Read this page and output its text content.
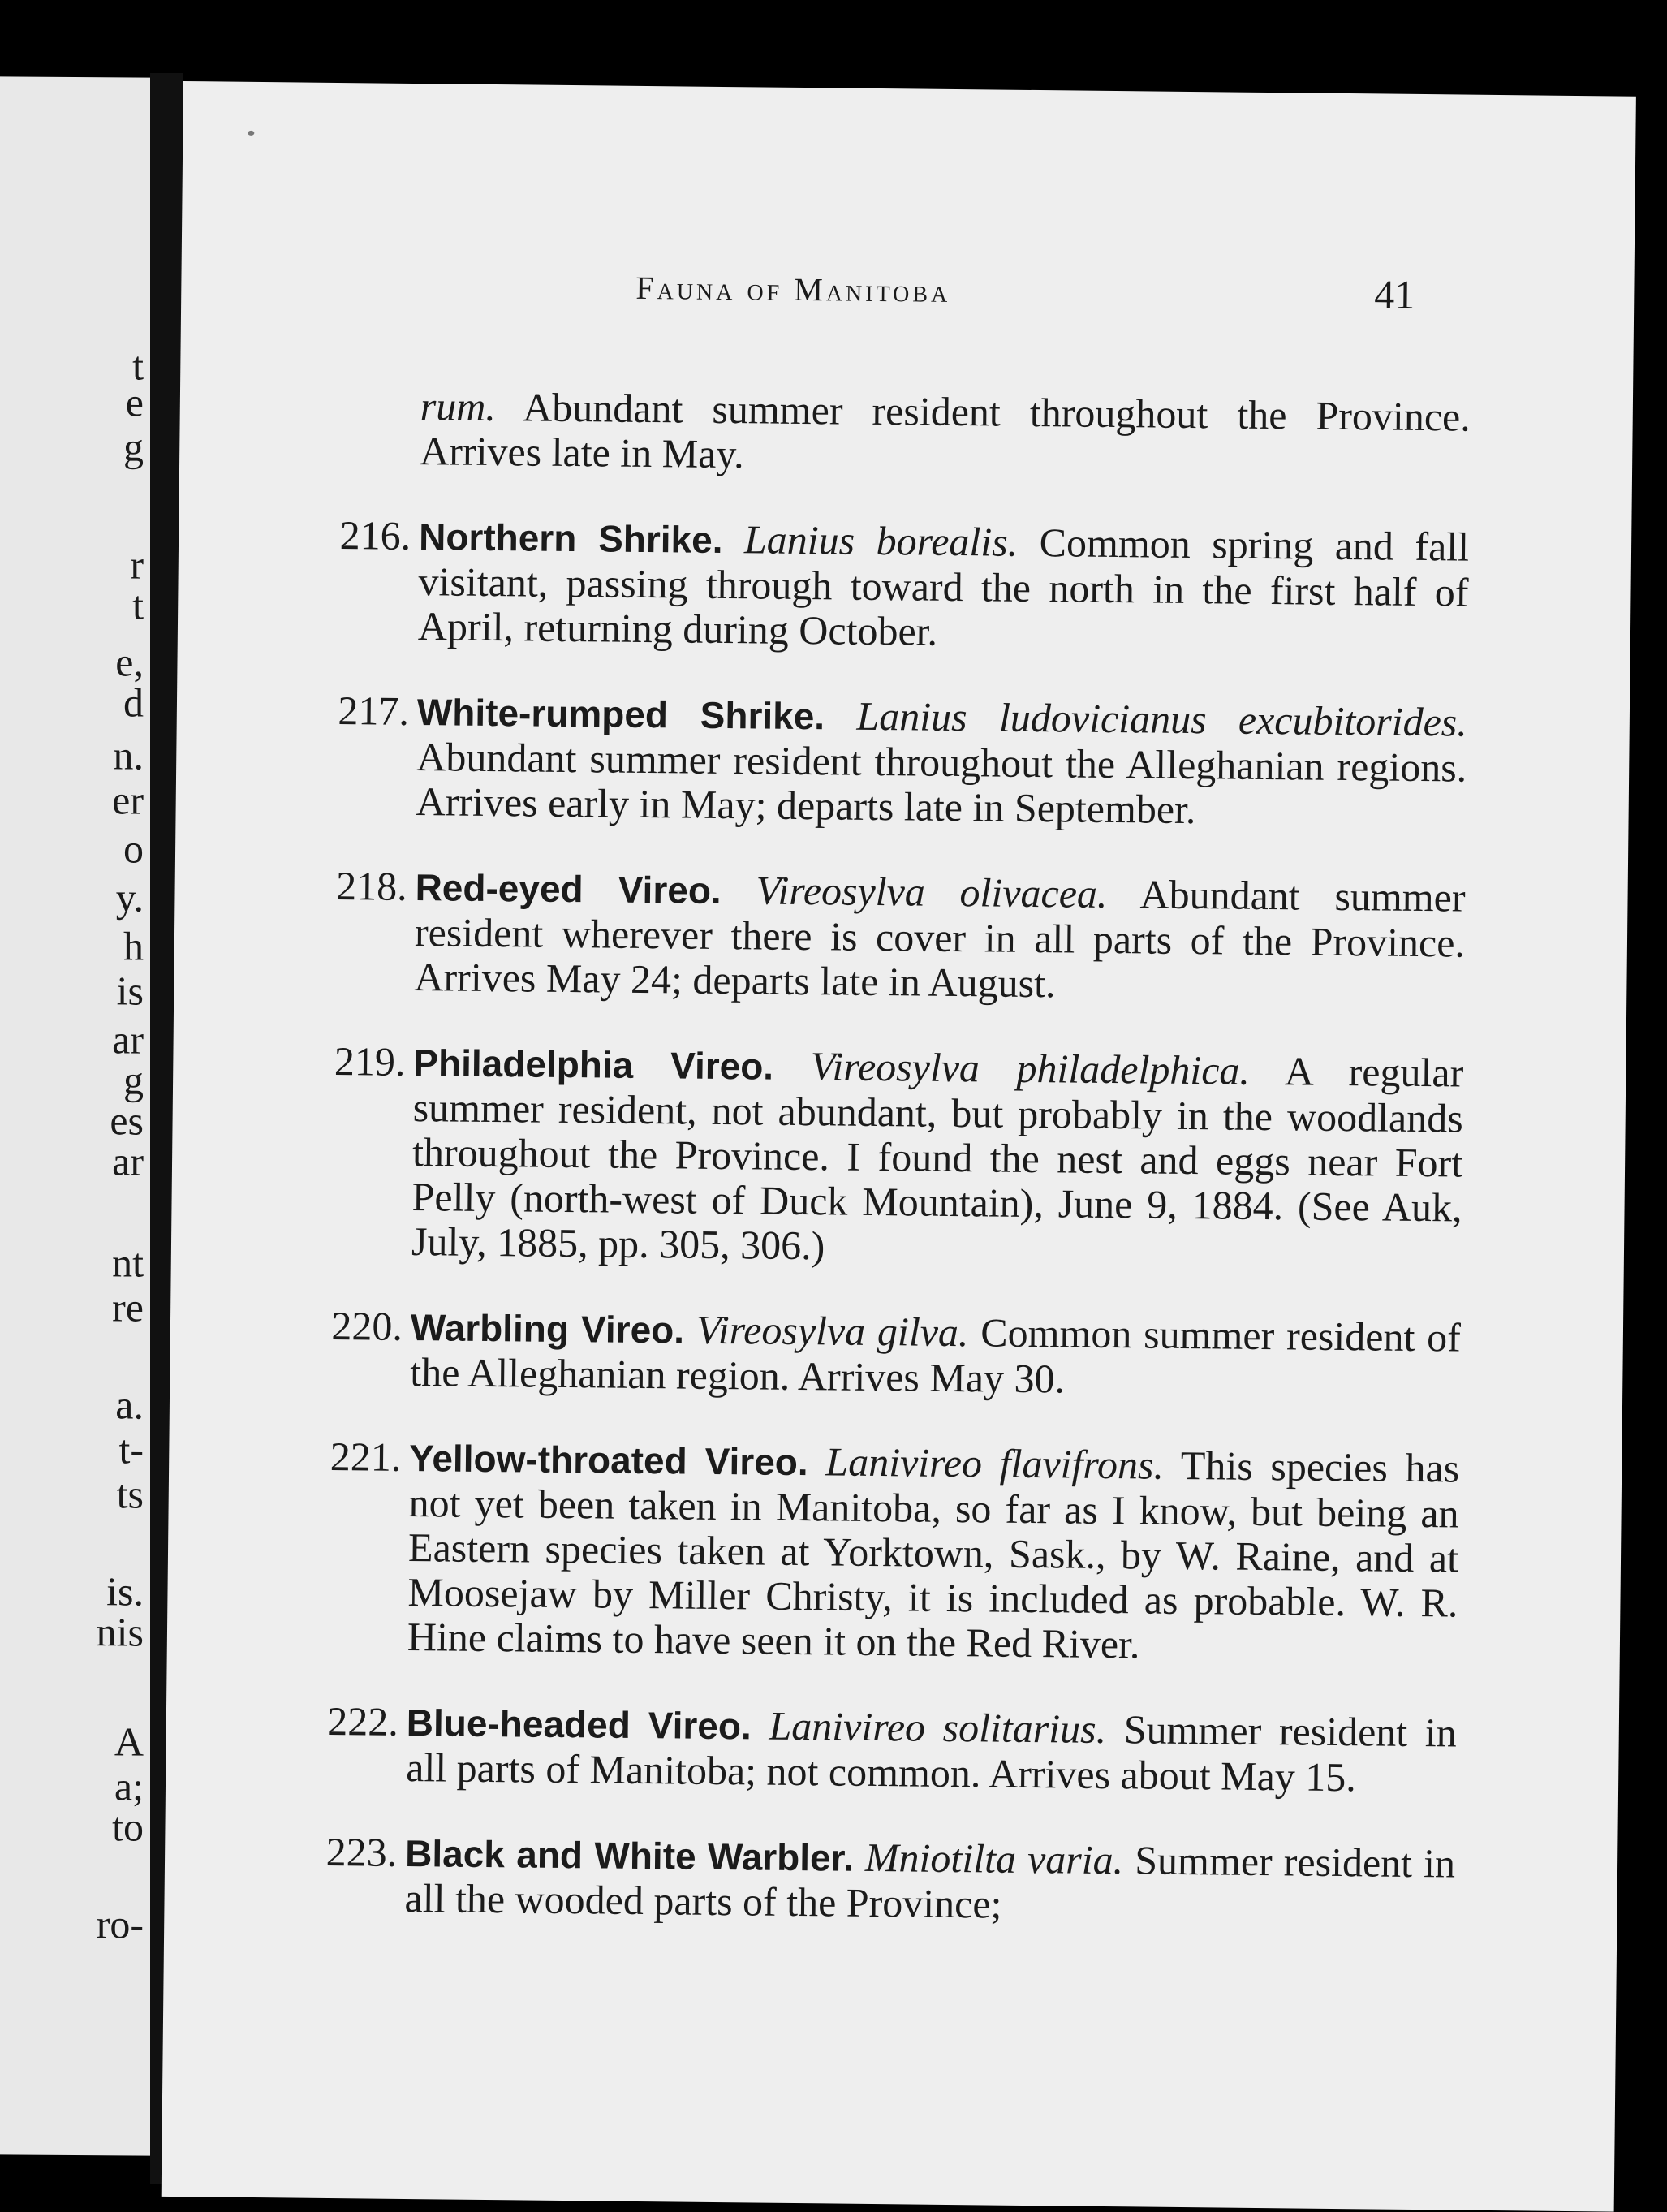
t
e
g
r
t
e,
d
n.
er
o
y.
h
is
ar
g
es
ar
nt
re
a.
t-
ts
is.
nis
A
a;
to
ro-
Fauna of Manitoba	41

rum. Abundant summer resident throughout the Province. Arrives late in May.

216. Northern Shrike. Lanius borealis. Common spring and fall visitant, passing through toward the north in the first half of April, returning during October.

217. White-rumped Shrike. Lanius ludovicianus excubitorides. Abundant summer resident throughout the Alleghanian regions. Arrives early in May; departs late in September.

218. Red-eyed Vireo. Vireosylva olivacea. Abundant summer resident wherever there is cover in all parts of the Province. Arrives May 24; departs late in August.

219. Philadelphia Vireo. Vireosylva philadelphica. A regular summer resident, not abundant, but probably in the woodlands throughout the Province. I found the nest and eggs near Fort Pelly (north-west of Duck Mountain), June 9, 1884. (See Auk, July, 1885, pp. 305, 306.)

220. Warbling Vireo. Vireosylva gilva. Common summer resident of the Alleghanian region. Arrives May 30.

221. Yellow-throated Vireo. Lanivireo flavifrons. This species has not yet been taken in Manitoba, so far as I know, but being an Eastern species taken at Yorktown, Sask., by W. Raine, and at Moosejaw by Miller Christy, it is included as probable. W. R. Hine claims to have seen it on the Red River.

222. Blue-headed Vireo. Lanivireo solitarius. Summer resident in all parts of Manitoba; not common. Arrives about May 15.

223. Black and White Warbler. Mniotilta varia. Summer resident in all the wooded parts of the Province;
